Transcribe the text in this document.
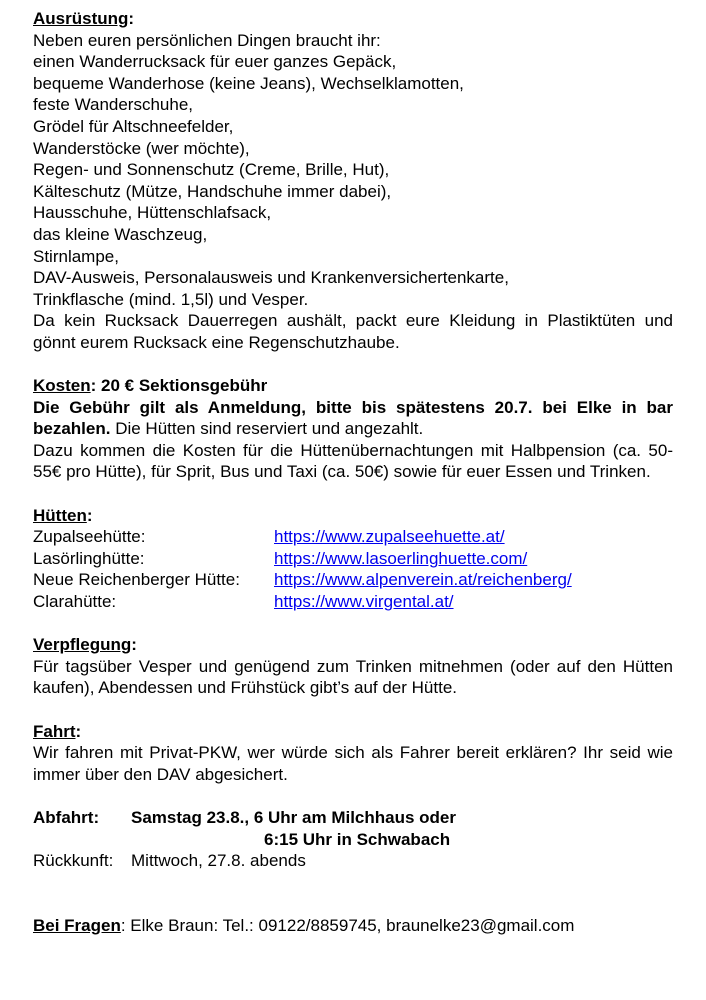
Ausrüstung:
Neben euren persönlichen Dingen braucht ihr:
einen Wanderrucksack für euer ganzes Gepäck,
bequeme Wanderhose (keine Jeans), Wechselklamotten,
feste Wanderschuhe,
Grödel für Altschneefelder,
Wanderstöcke (wer möchte),
Regen- und Sonnenschutz (Creme, Brille, Hut),
Kälteschutz (Mütze, Handschuhe immer dabei),
Hausschuhe, Hüttenschlafsack,
das kleine Waschzeug,
Stirnlampe,
DAV-Ausweis, Personalausweis und Krankenversichertenkarte,
Trinkflasche (mind. 1,5l) und Vesper.
Da kein Rucksack Dauerregen aushält, packt eure Kleidung in Plastiktüten und gönnt eurem Rucksack eine Regenschutzhaube.
Kosten: 20 € Sektionsgebühr
Die Gebühr gilt als Anmeldung, bitte bis spätestens 20.7. bei Elke in bar bezahlen. Die Hütten sind reserviert und angezahlt.
Dazu kommen die Kosten für die Hüttenübernachtungen mit Halbpension (ca. 50-55€ pro Hütte), für Sprit, Bus und Taxi (ca. 50€) sowie für euer Essen und Trinken.
Hütten:
Zupalseehütte:	https://www.zupalseehuette.at/
Lasörlinghütte:	https://www.lasoerlinghuette.com/
Neue Reichenberger Hütte:	https://www.alpenverein.at/reichenberg/
Clarahütte:	https://www.virgental.at/
Verpflegung:
Für tagsüber Vesper und genügend zum Trinken mitnehmen (oder auf den Hütten kaufen), Abendessen und Frühstück gibt’s auf der Hütte.
Fahrt:
Wir fahren mit Privat-PKW, wer würde sich als Fahrer bereit erklären? Ihr seid wie immer über den DAV abgesichert.
Abfahrt:	Samstag 23.8., 6 Uhr am Milchhaus oder
6:15 Uhr in Schwabach
Rückkunft:	Mittwoch, 27.8. abends
Bei Fragen: Elke Braun: Tel.: 09122/8859745, braunelke23@gmail.com
